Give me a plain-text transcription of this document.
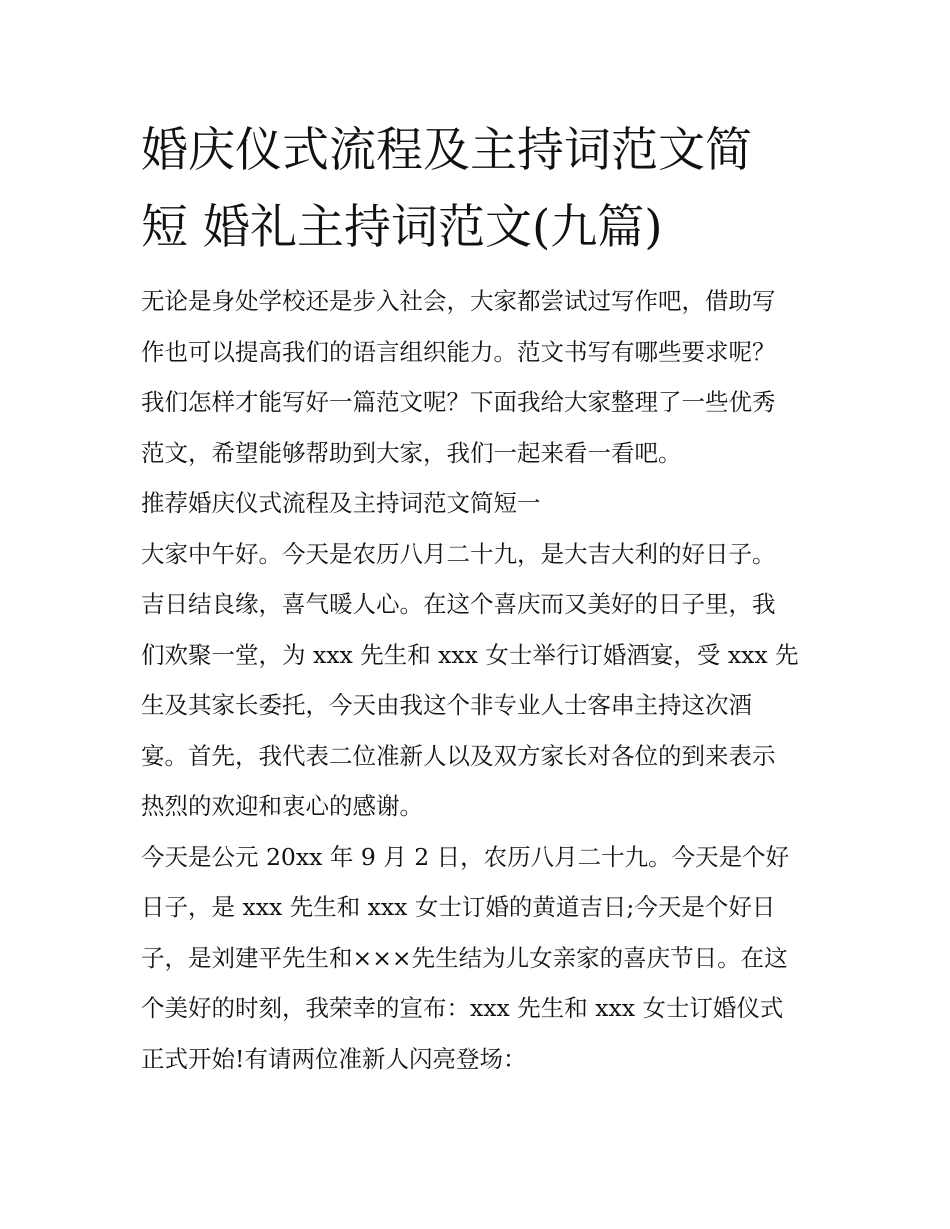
婚庆仪式流程及主持词范文简
短 婚礼主持词范文(九篇)

无论是身处学校还是步入社会，大家都尝试过写作吧，借助写
作也可以提高我们的语言组织能力。范文书写有哪些要求呢？
我们怎样才能写好一篇范文呢？下面我给大家整理了一些优秀
范文，希望能够帮助到大家，我们一起来看一看吧。

推荐婚庆仪式流程及主持词范文简短一

大家中午好。今天是农历八月二十九，是大吉大利的好日子。
吉日结良缘，喜气暖人心。在这个喜庆而又美好的日子里，我
们欢聚一堂，为 xxx 先生和 xxx 女士举行订婚酒宴，受 xxx 先
生及其家长委托，今天由我这个非专业人士客串主持这次酒
宴。首先，我代表二位准新人以及双方家长对各位的到来表示
热烈的欢迎和衷心的感谢。

今天是公元 20xx 年 9 月 2 日，农历八月二十九。今天是个好
日子，是 xxx 先生和 xxx 女士订婚的黄道吉日;今天是个好日
子，是刘建平先生和×××先生结为儿女亲家的喜庆节日。在这
个美好的时刻，我荣幸的宣布：xxx 先生和 xxx 女士订婚仪式
正式开始!有请两位准新人闪亮登场：
